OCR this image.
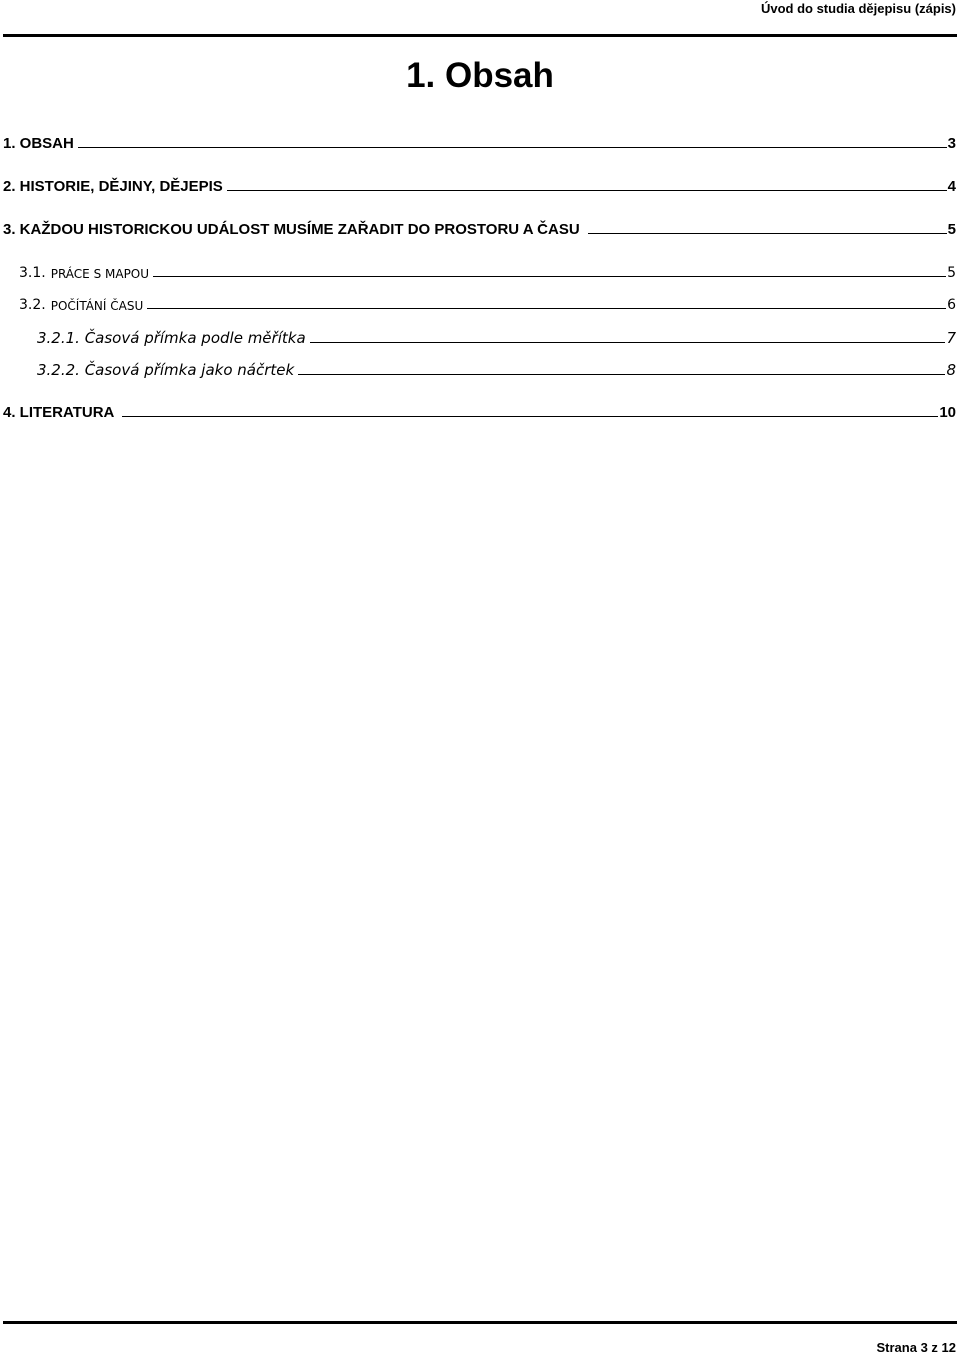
Úvod do studia dějepisu (zápis)
1. Obsah
1. OBSAH	3
2. HISTORIE, DĚJINY, DĚJEPIS	4
3. KAŽDOU HISTORICKOU UDÁLOST MUSÍME ZAŘADIT DO PROSTORU A ČASU	5
3.1. PRÁCE S MAPOU	5
3.2. POČÍTÁNÍ ČASU	6
3.2.1. Časová přímka podle měřítka	7
3.2.2. Časová přímka jako náčrtek	8
4. LITERATURA	10
Strana 3 z 12
